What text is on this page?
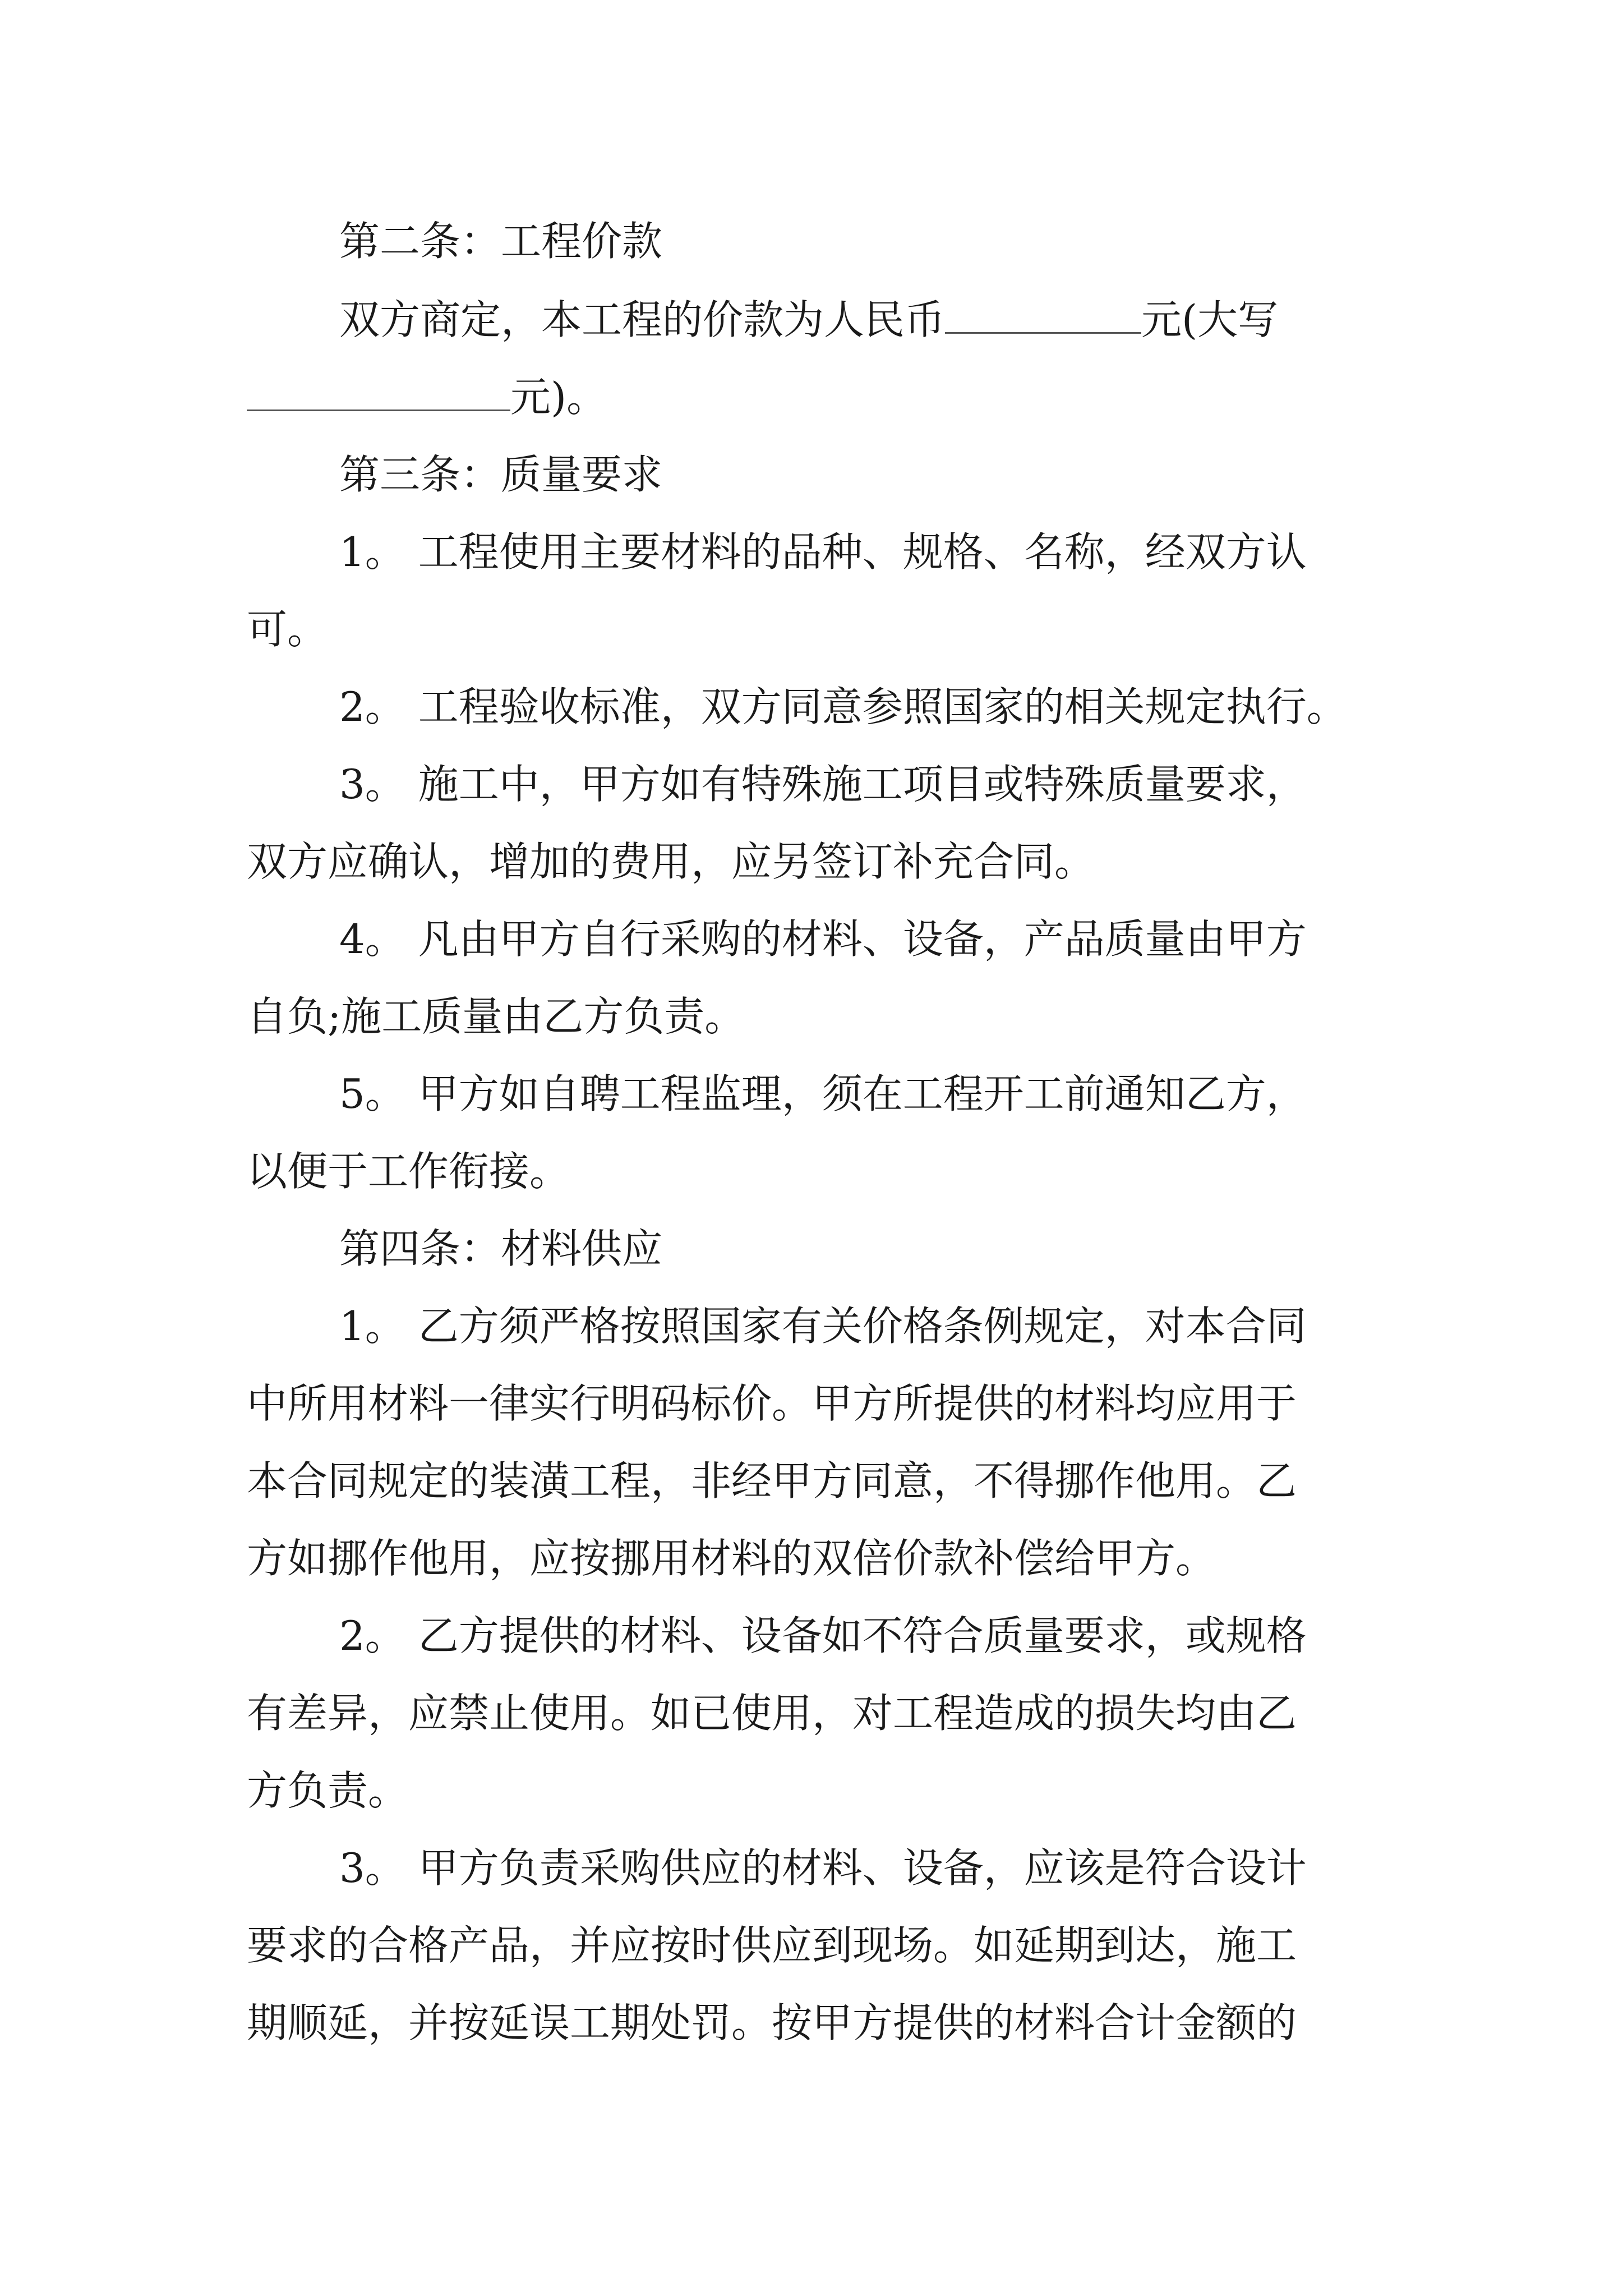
第二条：工程价款
双方商定，本工程的价款为人民币	元(大写
元)。
第三条：质量要求
1。 工程使用主要材料的品种、规格、名称，经双方认
可。
2。 工程验收标准，双方同意参照国家的相关规定执行。
3。 施工中，甲方如有特殊施工项目或特殊质量要求，
双方应确认，增加的费用，应另签订补充合同。
4。 凡由甲方自行采购的材料、设备，产品质量由甲方
自负;施工质量由乙方负责。
5。 甲方如自聘工程监理，须在工程开工前通知乙方，
以便于工作衔接。
第四条：材料供应
1。 乙方须严格按照国家有关价格条例规定，对本合同
中所用材料一律实行明码标价。甲方所提供的材料均应用于
本合同规定的装潢工程，非经甲方同意，不得挪作他用。乙
方如挪作他用，应按挪用材料的双倍价款补偿给甲方。
2。 乙方提供的材料、设备如不符合质量要求，或规格
有差异，应禁止使用。如已使用，对工程造成的损失均由乙
方负责。
3。 甲方负责采购供应的材料、设备，应该是符合设计
要求的合格产品，并应按时供应到现场。如延期到达，施工
期顺延，并按延误工期处罚。按甲方提供的材料合计金额的
